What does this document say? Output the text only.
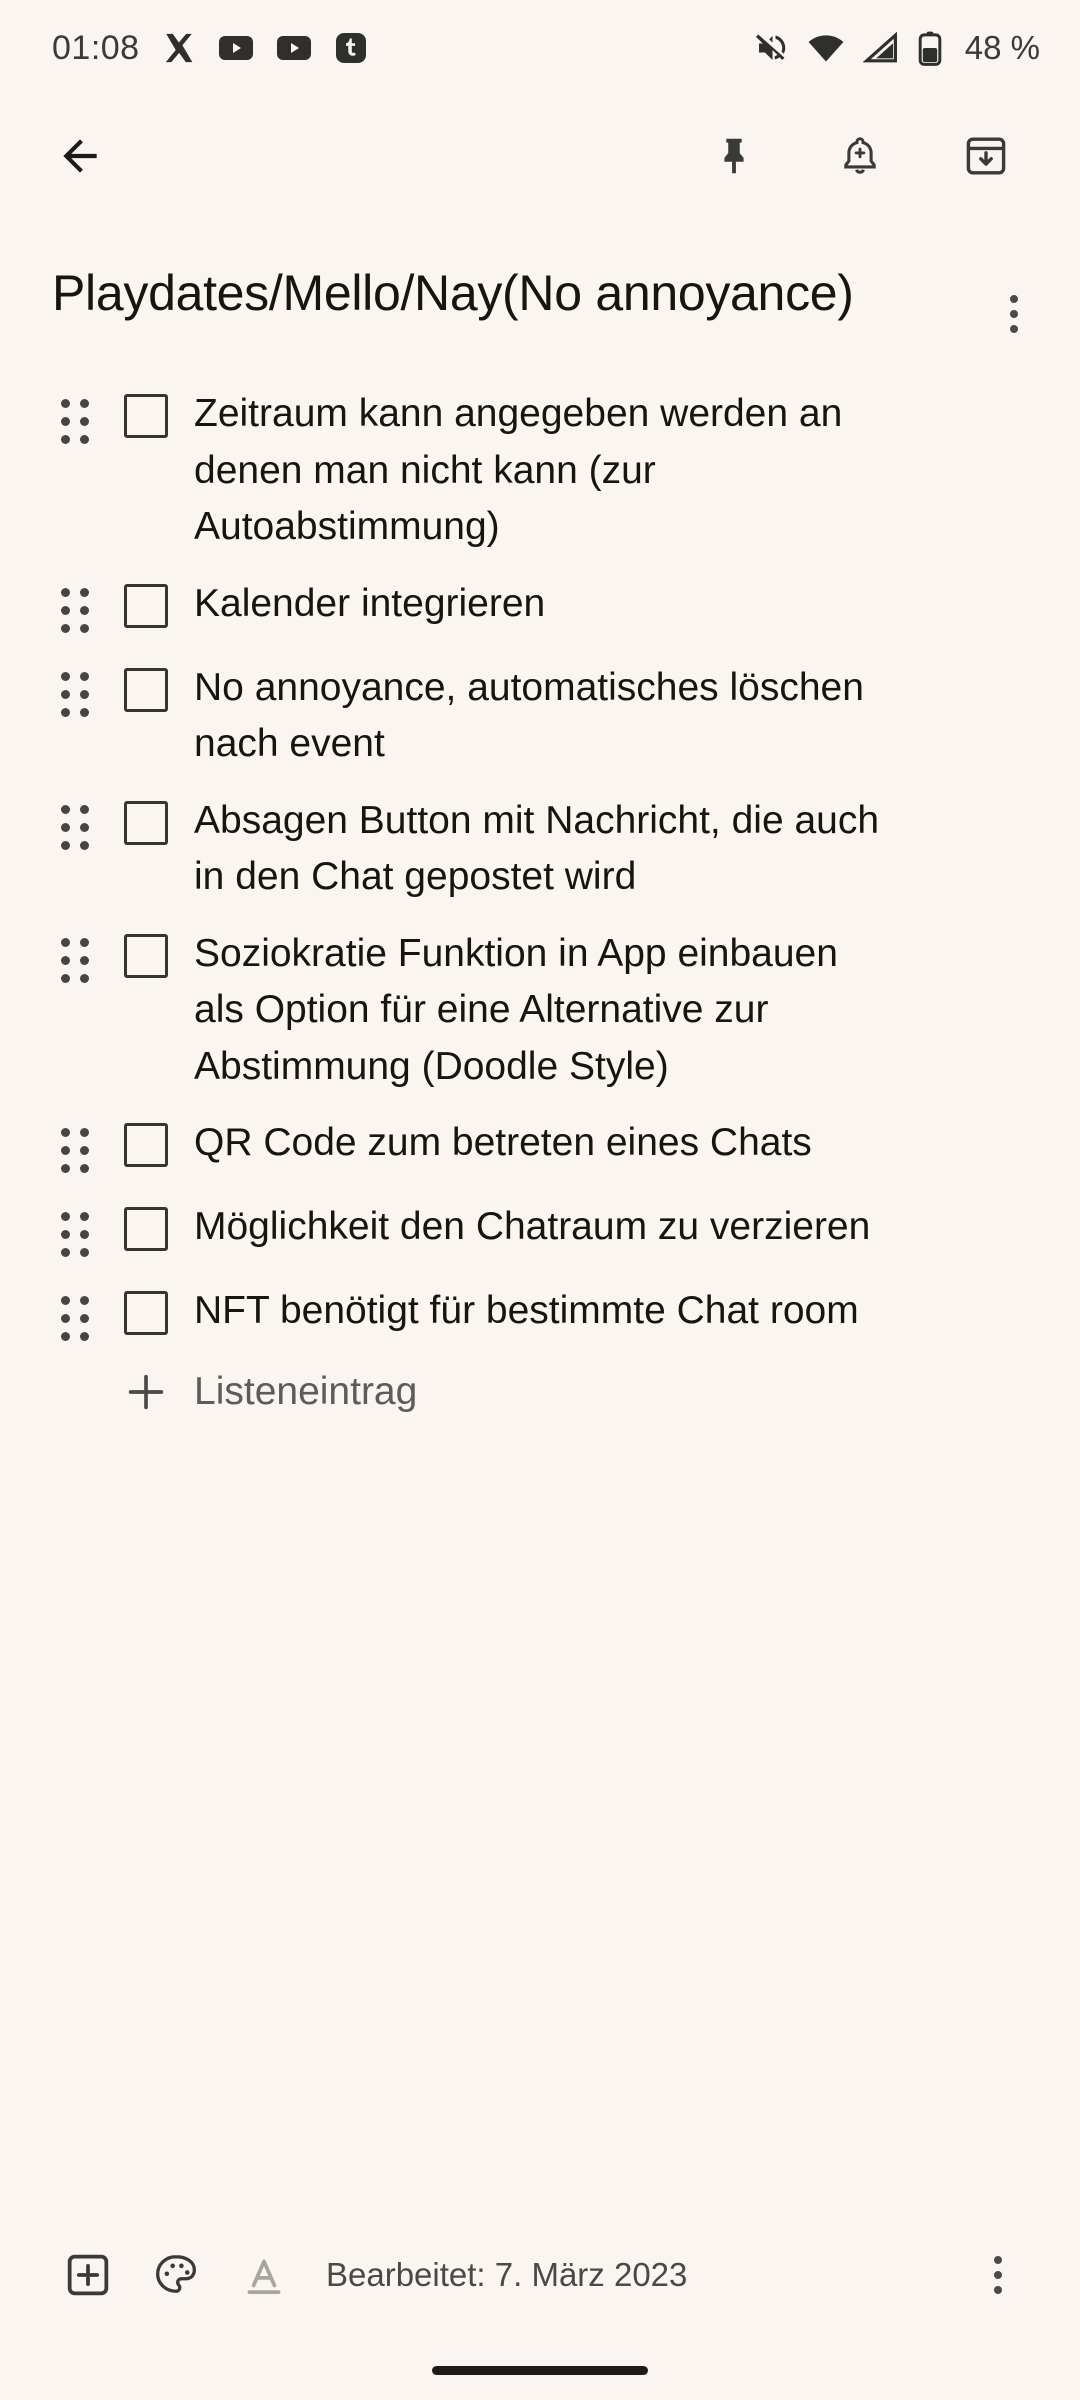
01:08	48 %
Playdates/Mello/Nay(No annoyance)
Zeitraum kann angegeben werden an denen man nicht kann (zur Autoabstimmung)
Kalender integrieren
No annoyance, automatisches löschen nach event
Absagen Button mit Nachricht, die auch in den Chat gepostet wird
Soziokratie Funktion in App einbauen als Option für eine Alternative zur Abstimmung (Doodle Style)
QR Code zum betreten eines Chats
Möglichkeit den Chatraum zu verzieren
NFT benötigt für bestimmte Chat room
Listeneintrag
Bearbeitet: 7. März 2023
